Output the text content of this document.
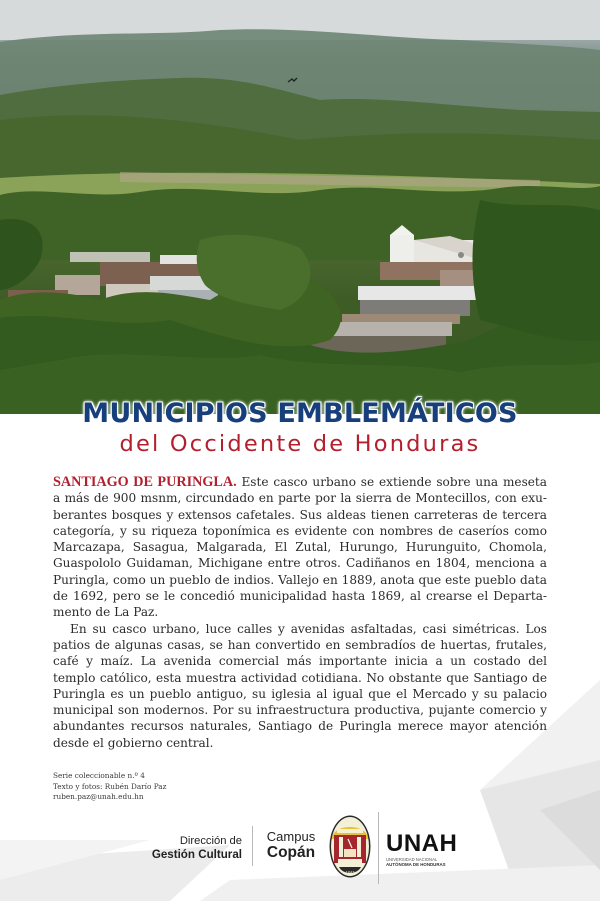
MUNICIPIOS EMBLEMÁTICOS
del Occidente de Honduras

SANTIAGO DE PURINGLA. Este casco urbano se extiende sobre una meseta a más de 900 msnm, circundado en parte por la sierra de Montecillos, con exuberantes bosques y extensos cafetales. Sus aldeas tienen carreteras de tercera categoría, y su riqueza toponímica es evidente con nombres de caseríos como Marcazapa, Sasagua, Malgarada, El Zutal, Hurungo, Hurunguito, Chomola, Guaspololo Guidaman, Michigane entre otros. Cadiñanos en 1804, menciona a Puringla, como un pueblo de indios. Vallejo en 1889, anota que este pueblo data de 1692, pero se le concedió municipalidad hasta 1869, al crearse el Departamento de La Paz.

En su casco urbano, luce calles y avenidas asfaltadas, casi simétricas. Los patios de algunas casas, se han convertido en sembradíos de huertas, frutales, café y maíz. La avenida comercial más importante inicia a un costado del templo católico, esta muestra actividad cotidiana. No obstante que Santiago de Puringla es un pueblo antiguo, su iglesia al igual que el Mercado y su palacio municipal son modernos. Por su infraestructura productiva, pujante comercio y abundantes recursos naturales, Santiago de Puringla merece mayor atención desde el gobierno central.

Serie coleccionable n.º 4
Texto y fotos: Rubén Darío Paz
ruben.paz@unah.edu.hn
Dirección de
Gestión Cultural
Campus
Copán
1847
UNAH
UNIVERSIDAD NACIONAL
AUTÓNOMA DE HONDURAS
